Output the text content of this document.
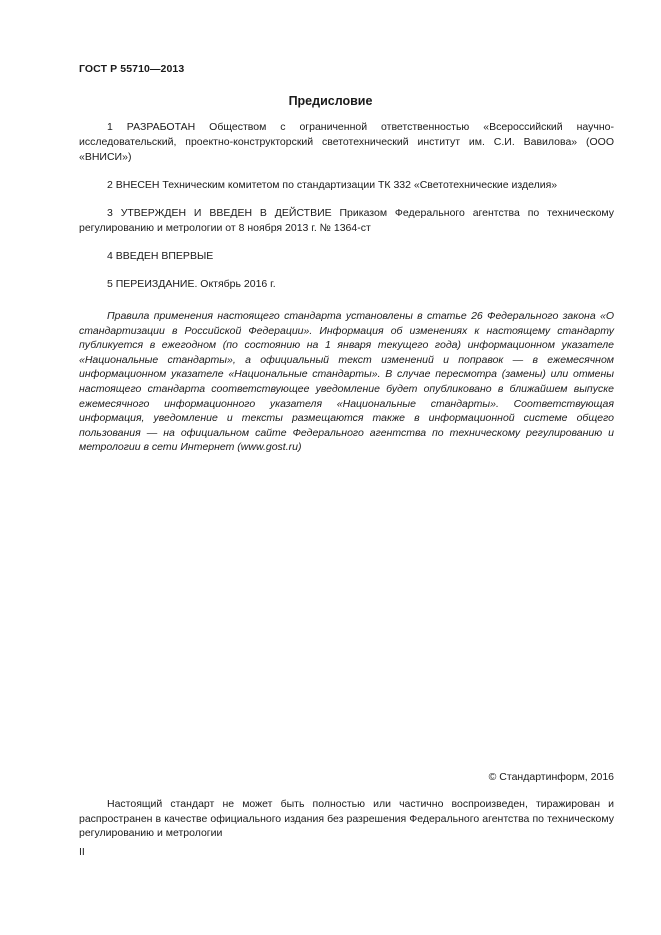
ГОСТ Р 55710—2013
Предисловие

1 РАЗРАБОТАН Обществом с ограниченной ответственностью «Всероссийский научно-исследовательский, проектно-конструкторский светотехнический институт им. С.И. Вавилова» (ООО «ВНИСИ»)

2 ВНЕСЕН Техническим комитетом по стандартизации ТК 332 «Светотехнические изделия»

3 УТВЕРЖДЕН И ВВЕДЕН В ДЕЙСТВИЕ Приказом Федерального агентства по техническому регулированию и метрологии от 8 ноября 2013 г. № 1364-ст

4 ВВЕДЕН ВПЕРВЫЕ

5 ПЕРЕИЗДАНИЕ. Октябрь 2016 г.

Правила применения настоящего стандарта установлены в статье 26 Федерального закона «О стандартизации в Российской Федерации». Информация об изменениях к настоящему стандарту публикуется в ежегодном (по состоянию на 1 января текущего года) информационном указателе «Национальные стандарты», а официальный текст изменений и поправок — в ежемесячном информационном указателе «Национальные стандарты». В случае пересмотра (замены) или отмены настоящего стандарта соответствующее уведомление будет опубликовано в ближайшем выпуске ежемесячного информационного указателя «Национальные стандарты». Соответствующая информация, уведомление и тексты размещаются также в информационной системе общего пользования — на официальном сайте Федерального агентства по техническому регулированию и метрологии в сети Интернет (www.gost.ru)

© Стандартинформ, 2016

Настоящий стандарт не может быть полностью или частично воспроизведен, тиражирован и распространен в качестве официального издания без разрешения Федерального агентства по техническому регулированию и метрологии

II
